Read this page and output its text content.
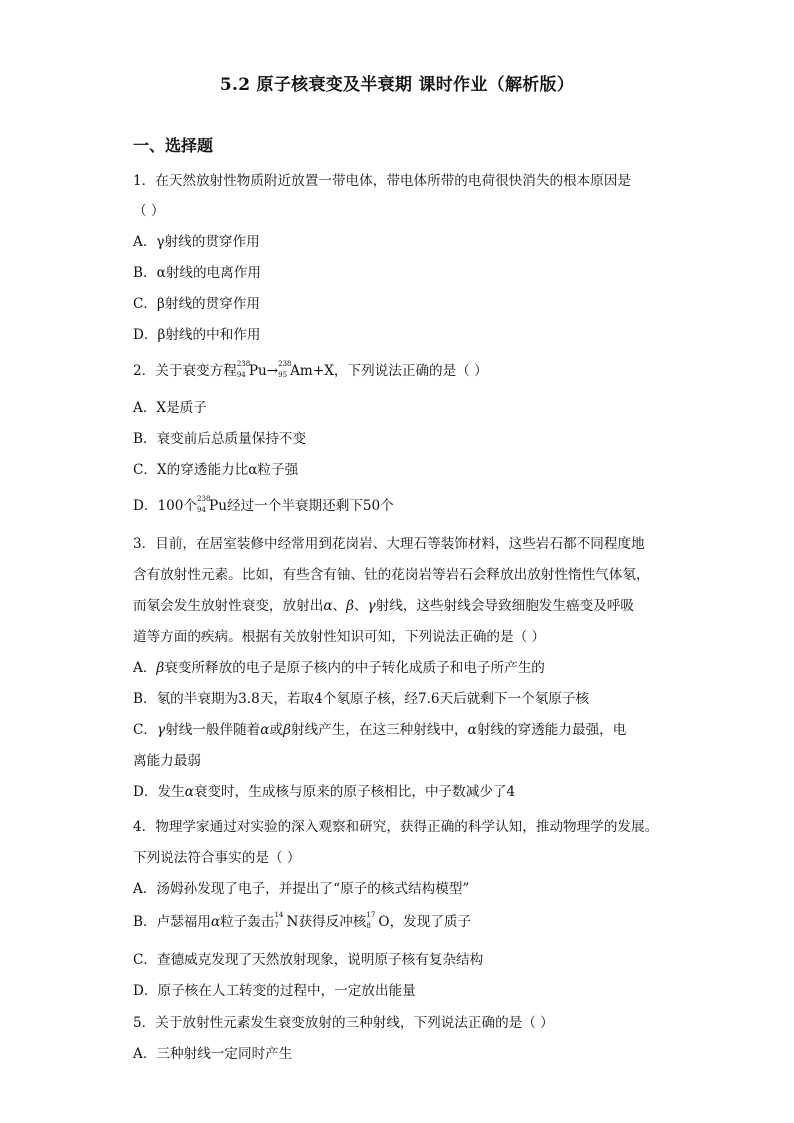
5.2 原子核衰变及半衰期 课时作业（解析版）
一、选择题
1．在天然放射性物质附近放置一带电体，带电体所带的电荷很快消失的根本原因是
（ ）
A．γ射线的贯穿作用
B．α射线的电离作用
C．β射线的贯穿作用
D．β射线的中和作用
2．关于衰变方程 238
94 Pu→ 238
95 Am+X，下列说法正确的是（ ）
A．X是质子
B．衰变前后总质量保持不变
C．X的穿透能力比α粒子强
D．100个 238
94 Pu经过一个半衰期还剩下50个
3．目前，在居室装修中经常用到花岗岩、大理石等装饰材料，这些岩石都不同程度地
含有放射性元素。比如，有些含有铀、钍的花岗岩等岩石会释放出放射性惰性气体氡，
而氡会发生放射性衰变，放射出α、β、γ射线，这些射线会导致细胞发生癌变及呼吸
道等方面的疾病。根据有关放射性知识可知，下列说法正确的是（ ）
A．β衰变所释放的电子是原子核内的中子转化成质子和电子所产生的
B．氡的半衰期为3.8天，若取4个氡原子核，经7.6天后就剩下一个氡原子核
C．γ射线一般伴随着α或β射线产生，在这三种射线中，α射线的穿透能力最强，电
离能力最弱
D．发生α衰变时，生成核与原来的原子核相比，中子数减少了4
4．物理学家通过对实验的深入观察和研究，获得正确的科学认知，推动物理学的发展。
下列说法符合事实的是（ ）
A．汤姆孙发现了电子，并提出了“原子的核式结构模型”
B．卢瑟福用α粒子轰击 14
7 N获得反冲核 17
8 O，发现了质子
C．查德威克发现了天然放射现象，说明原子核有复杂结构
D．原子核在人工转变的过程中，一定放出能量
5．关于放射性元素发生衰变放射的三种射线，下列说法正确的是（ ）
A．三种射线一定同时产生
